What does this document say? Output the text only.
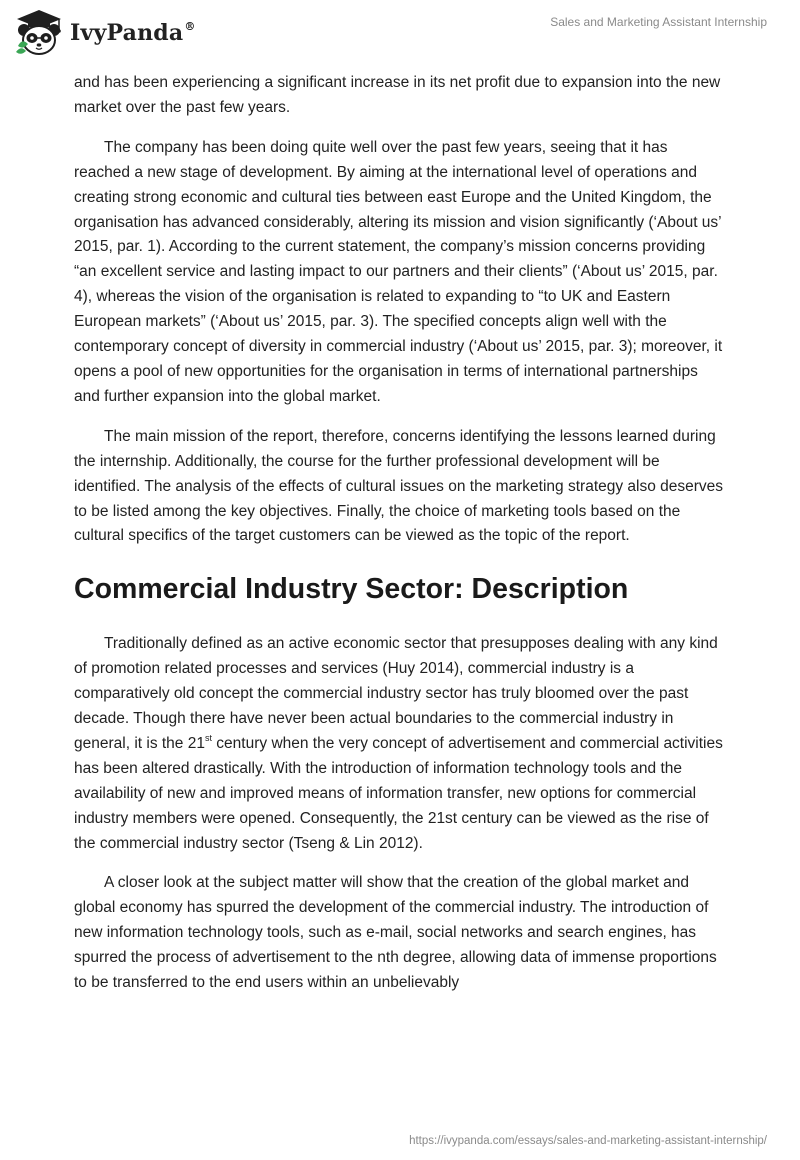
IvyPanda®	Sales and Marketing Assistant Internship

and has been experiencing a significant increase in its net profit due to expansion into the new market over the past few years.

The company has been doing quite well over the past few years, seeing that it has reached a new stage of development. By aiming at the international level of operations and creating strong economic and cultural ties between east Europe and the United Kingdom, the organisation has advanced considerably, altering its mission and vision significantly (‘About us’ 2015, par. 1). According to the current statement, the company’s mission concerns providing “an excellent service and lasting impact to our partners and their clients” (‘About us’ 2015, par. 4), whereas the vision of the organisation is related to expanding to “to UK and Eastern European markets” (‘About us’ 2015, par. 3). The specified concepts align well with the contemporary concept of diversity in commercial industry (‘About us’ 2015, par. 3); moreover, it opens a pool of new opportunities for the organisation in terms of international partnerships and further expansion into the global market.

The main mission of the report, therefore, concerns identifying the lessons learned during the internship. Additionally, the course for the further professional development will be identified. The analysis of the effects of cultural issues on the marketing strategy also deserves to be listed among the key objectives. Finally, the choice of marketing tools based on the cultural specifics of the target customers can be viewed as the topic of the report.

Commercial Industry Sector: Description

Traditionally defined as an active economic sector that presupposes dealing with any kind of promotion related processes and services (Huy 2014), commercial industry is a comparatively old concept the commercial industry sector has truly bloomed over the past decade. Though there have never been actual boundaries to the commercial industry in general, it is the 21st century when the very concept of advertisement and commercial activities has been altered drastically. With the introduction of information technology tools and the availability of new and improved means of information transfer, new options for commercial industry members were opened. Consequently, the 21st century can be viewed as the rise of the commercial industry sector (Tseng & Lin 2012).

A closer look at the subject matter will show that the creation of the global market and global economy has spurred the development of the commercial industry. The introduction of new information technology tools, such as e-mail, social networks and search engines, has spurred the process of advertisement to the nth degree, allowing data of immense proportions to be transferred to the end users within an unbelievably

https://ivypanda.com/essays/sales-and-marketing-assistant-internship/
